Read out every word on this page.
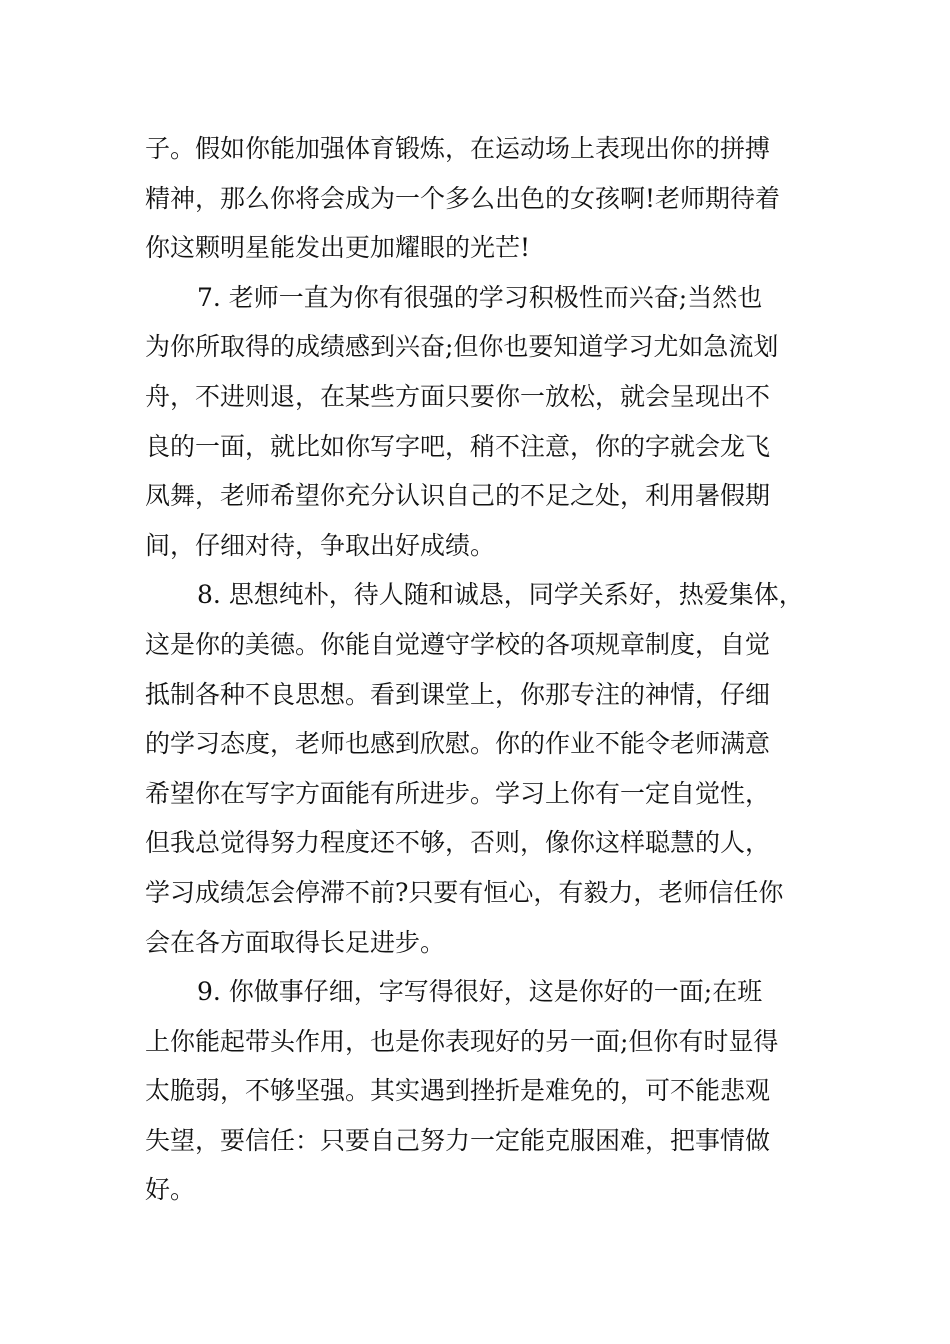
子。假如你能加强体育锻炼，在运动场上表现出你的拼搏
精神，那么你将会成为一个多么出色的女孩啊!老师期待着
你这颗明星能发出更加耀眼的光芒!
7. 老师一直为你有很强的学习积极性而兴奋;当然也
为你所取得的成绩感到兴奋;但你也要知道学习尤如急流划
舟，不进则退，在某些方面只要你一放松，就会呈现出不
良的一面，就比如你写字吧，稍不注意，你的字就会龙飞
凤舞，老师希望你充分认识自己的不足之处，利用暑假期
间，仔细对待，争取出好成绩。
8. 思想纯朴，待人随和诚恳，同学关系好，热爱集体，
这是你的美德。你能自觉遵守学校的各项规章制度，自觉
抵制各种不良思想。看到课堂上，你那专注的神情，仔细
的学习态度，老师也感到欣慰。你的作业不能令老师满意
希望你在写字方面能有所进步。学习上你有一定自觉性，
但我总觉得努力程度还不够，否则，像你这样聪慧的人，
学习成绩怎会停滞不前?只要有恒心，有毅力，老师信任你
会在各方面取得长足进步。
9. 你做事仔细，字写得很好，这是你好的一面;在班
上你能起带头作用，也是你表现好的另一面;但你有时显得
太脆弱，不够坚强。其实遇到挫折是难免的，可不能悲观
失望，要信任：只要自己努力一定能克服困难，把事情做
好。
